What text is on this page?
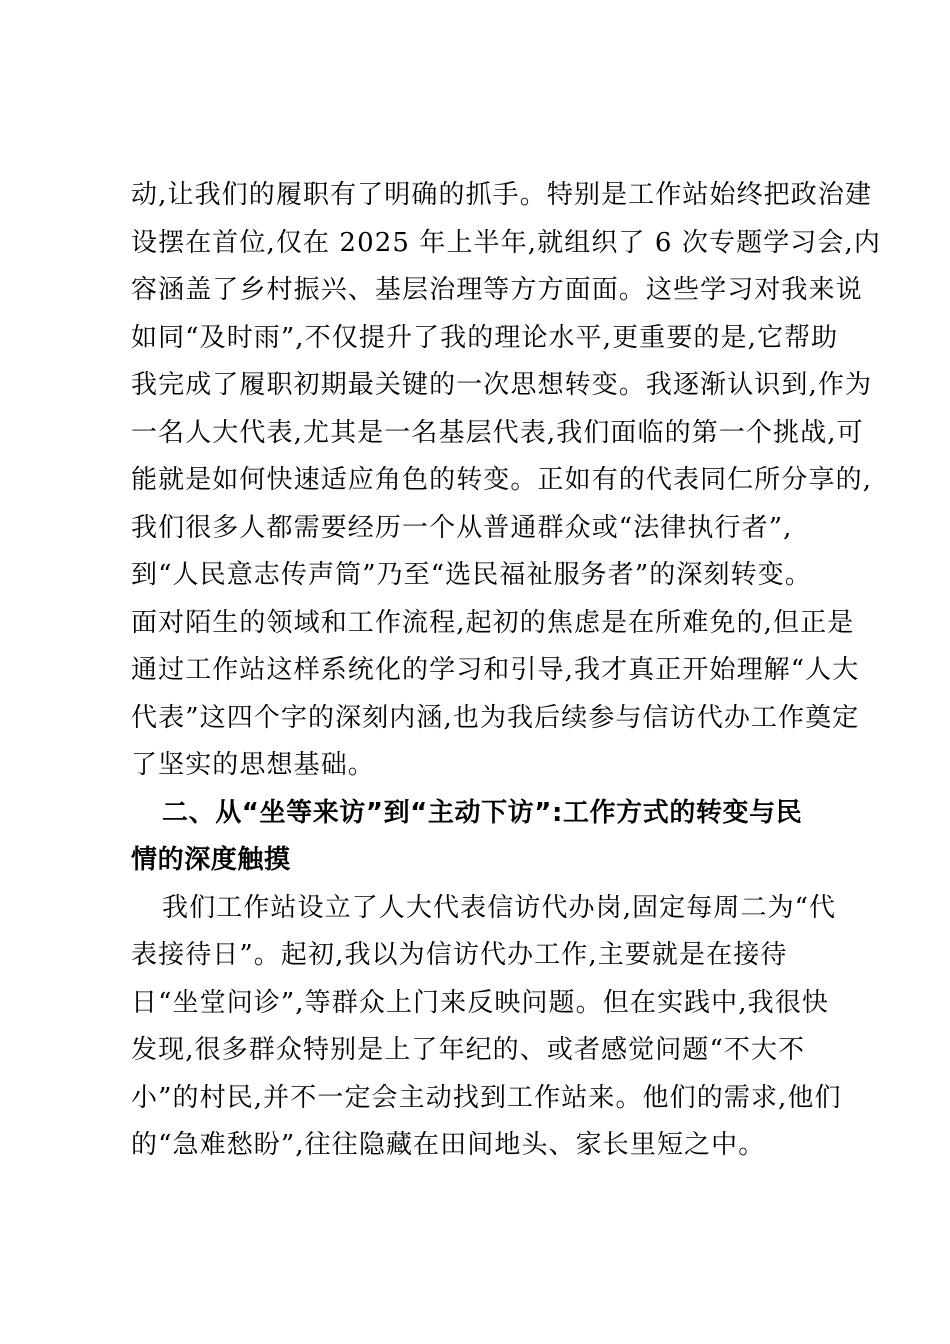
动,让我们的履职有了明确的抓手。特别是工作站始终把政治建
设摆在首位,仅在 2025 年上半年,就组织了 6 次专题学习会,内
容涵盖了乡村振兴、基层治理等方方面面。这些学习对我来说
如同“及时雨”,不仅提升了我的理论水平,更重要的是,它帮助
我完成了履职初期最关键的一次思想转变。我逐渐认识到,作为
一名人大代表,尤其是一名基层代表,我们面临的第一个挑战,可
能就是如何快速适应角色的转变。正如有的代表同仁所分享的,
我们很多人都需要经历一个从普通群众或“法律执行者”,
到“人民意志传声筒”乃至“选民福祉服务者”的深刻转变。
面对陌生的领域和工作流程,起初的焦虑是在所难免的,但正是
通过工作站这样系统化的学习和引导,我才真正开始理解“人大
代表”这四个字的深刻内涵,也为我后续参与信访代办工作奠定
了坚实的思想基础。
二、从“坐等来访”到“主动下访”:工作方式的转变与民
情的深度触摸
我们工作站设立了人大代表信访代办岗,固定每周二为“代
表接待日”。起初,我以为信访代办工作,主要就是在接待
日“坐堂问诊”,等群众上门来反映问题。但在实践中,我很快
发现,很多群众特别是上了年纪的、或者感觉问题“不大不
小”的村民,并不一定会主动找到工作站来。他们的需求,他们
的“急难愁盼”,往往隐藏在田间地头、家长里短之中。
